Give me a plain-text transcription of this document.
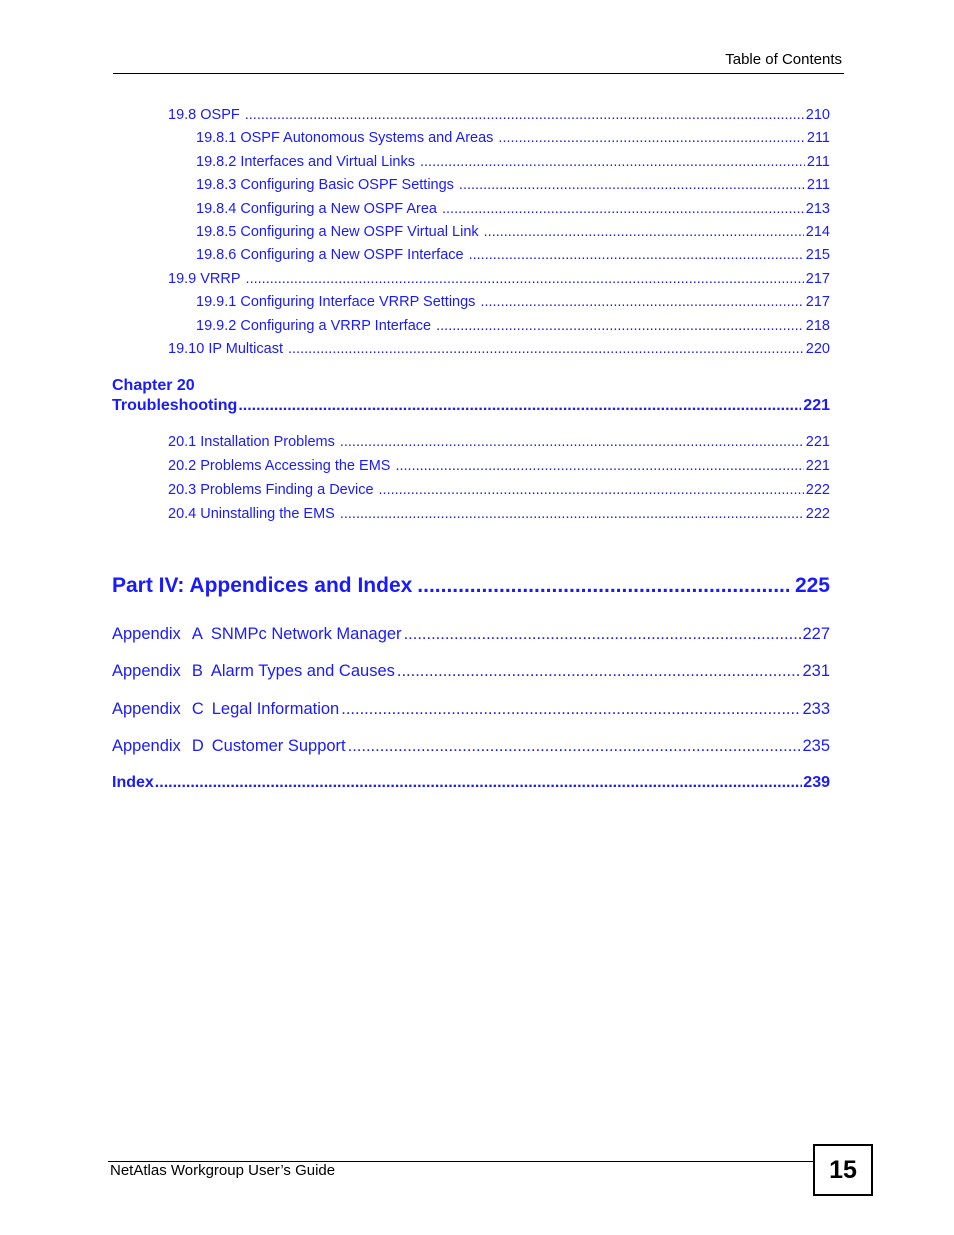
Table of Contents
19.8 OSPF .....	210
19.8.1 OSPF Autonomous Systems and Areas .....	211
19.8.2 Interfaces and Virtual Links .....	211
19.8.3 Configuring Basic OSPF Settings .....	211
19.8.4 Configuring a New OSPF Area .....	213
19.8.5 Configuring a New OSPF Virtual Link .....	214
19.8.6 Configuring a New OSPF Interface .....	215
19.9 VRRP .....	217
19.9.1 Configuring Interface VRRP Settings .....	217
19.9.2 Configuring a VRRP Interface .....	218
19.10 IP Multicast .....	220
Chapter 20
Troubleshooting .....	221
20.1 Installation Problems .....	221
20.2 Problems Accessing the EMS .....	221
20.3 Problems Finding a Device .....	222
20.4 Uninstalling the EMS .....	222
Part IV: Appendices and Index .....	225
Appendix A SNMPc Network Manager .....	227
Appendix B Alarm Types and Causes .....	231
Appendix C Legal Information .....	233
Appendix D Customer Support .....	235
Index .....	239
NetAtlas Workgroup User’s Guide	15
